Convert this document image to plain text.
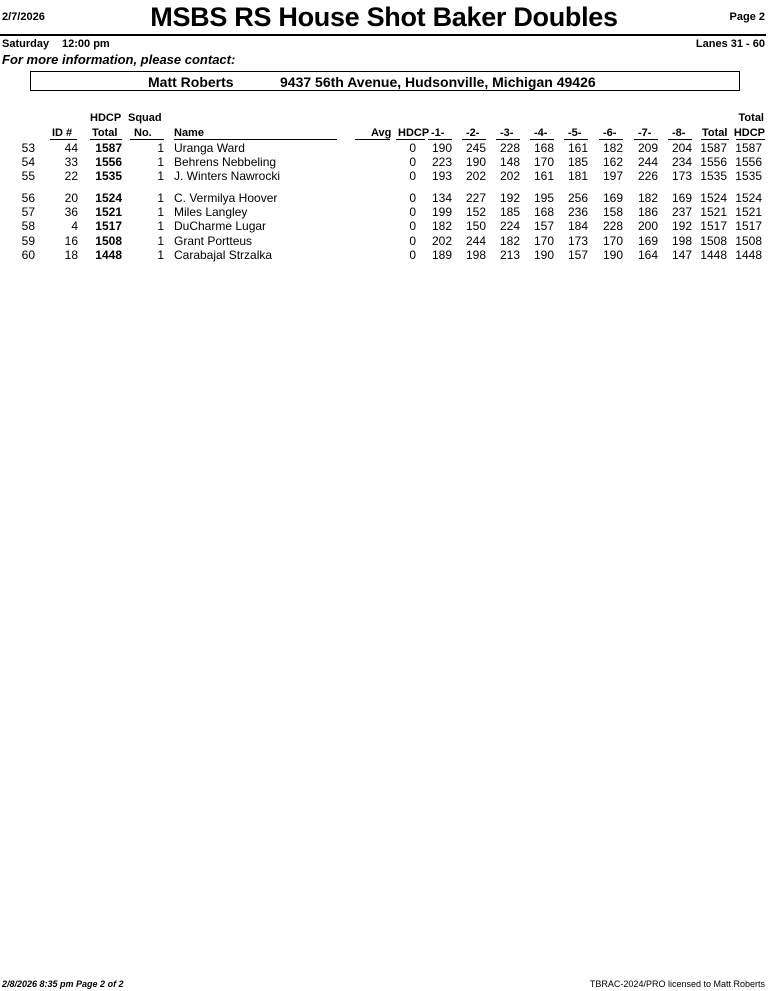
2/7/2026	MSBS RS House Shot Baker Doubles	Page 2
Saturday 12:00 pm	Lanes 31 - 60
For more information, please contact:
Matt Roberts	9437 56th Avenue, Hudsonville, Michigan 49426
HDCP Squad	Total
ID # Total No. Name	Avg HDCP -1- -2- -3- -4- -5- -6- -7- -8- Total HDCP
53 44 1587	1 Uranga Ward	0 190 245 228 168 161 182 209 204 1587 1587
54 33 1556	1 Behrens Nebbeling	0 223 190 148 170 185 162 244 234 1556 1556
55 22 1535	1 J. Winters Nawrocki	0 193 202 202 161 181 197 226 173 1535 1535
56 20 1524	1 C. Vermilya Hoover	0 134 227 192 195 256 169 182 169 1524 1524
57 36 1521	1 Miles Langley	0 199 152 185 168 236 158 186 237 1521 1521
58	4 1517	1 DuCharme Lugar	0 182 150 224 157 184 228 200 192 1517 1517
59 16 1508	1 Grant Portteus	0 202 244 182 170 173 170 169 198 1508 1508
60 18 1448	1 Carabajal Strzalka	0 189 198 213 190 157 190 164 147 1448 1448
2/8/2026 8:35 pm Page 2 of 2	TBRAC-2024/PRO licensed to Matt Roberts
